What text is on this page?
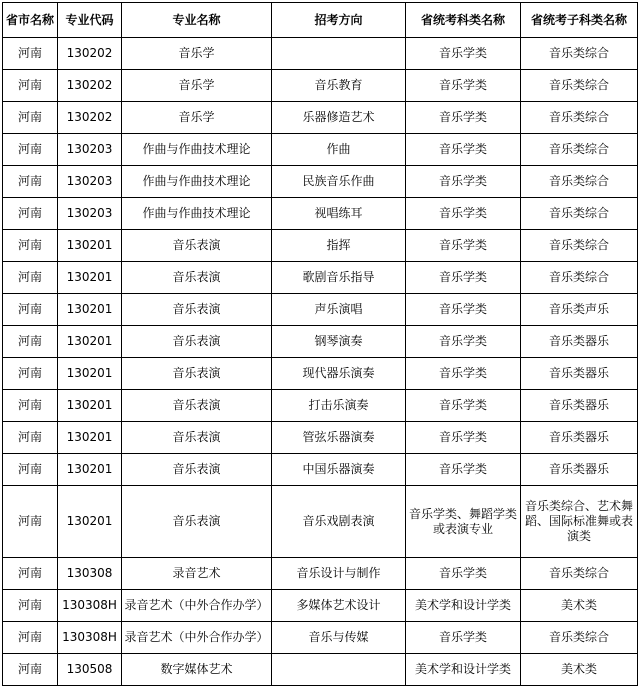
省市名称	专业代码	专业名称	招考方向	省统考科类名称	省统考子科类名称
河南	130202	音乐学		音乐学类	音乐类综合
河南	130202	音乐学	音乐教育	音乐学类	音乐类综合
河南	130202	音乐学	乐器修造艺术	音乐学类	音乐类综合
河南	130203	作曲与作曲技术理论	作曲	音乐学类	音乐类综合
河南	130203	作曲与作曲技术理论	民族音乐作曲	音乐学类	音乐类综合
河南	130203	作曲与作曲技术理论	视唱练耳	音乐学类	音乐类综合
河南	130201	音乐表演	指挥	音乐学类	音乐类综合
河南	130201	音乐表演	歌剧音乐指导	音乐学类	音乐类综合
河南	130201	音乐表演	声乐演唱	音乐学类	音乐类声乐
河南	130201	音乐表演	钢琴演奏	音乐学类	音乐类器乐
河南	130201	音乐表演	现代器乐演奏	音乐学类	音乐类器乐
河南	130201	音乐表演	打击乐演奏	音乐学类	音乐类器乐
河南	130201	音乐表演	管弦乐器演奏	音乐学类	音乐类器乐
河南	130201	音乐表演	中国乐器演奏	音乐学类	音乐类器乐
河南	130201	音乐表演	音乐戏剧表演	音乐学类、舞蹈学类或表演专业	音乐类综合、艺术舞蹈、国际标准舞或表演类
河南	130308	录音艺术	音乐设计与制作	音乐学类	音乐类综合
河南	130308H	录音艺术（中外合作办学）	多媒体艺术设计	美术学和设计学类	美术类
河南	130308H	录音艺术（中外合作办学）	音乐与传媒	音乐学类	音乐类综合
河南	130508	数字媒体艺术		美术学和设计学类	美术类
